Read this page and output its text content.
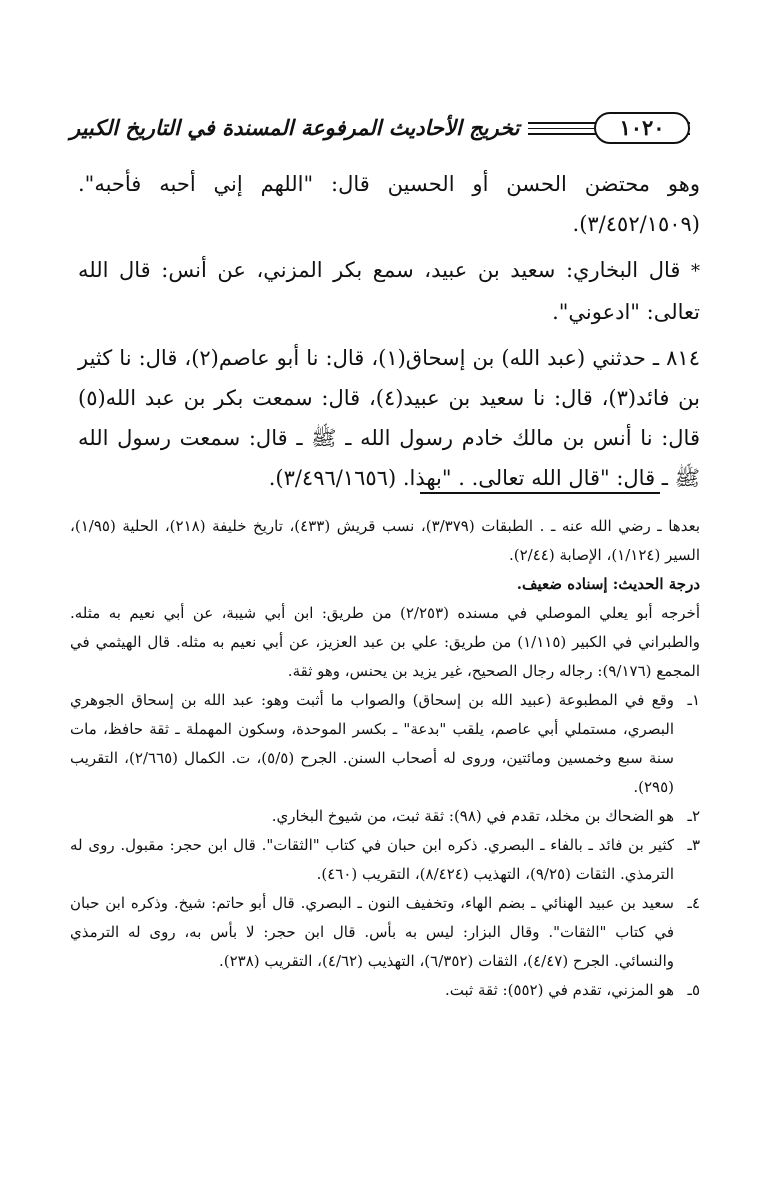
١٠٢٠
تخريج الأحاديث المرفوعة المسندة في التاريخ الكبير

وهو محتضن الحسن أو الحسين قال: "اللهم إني أحبه فأحبه". (٣/٤٥٢/١٥٠٩).

* قال البخاري: سعيد بن عبيد، سمع بكر المزني، عن أنس: قال الله تعالى: "ادعوني".

٨١٤ ـ حدثني (عبد الله) بن إسحاق(١)، قال: نا أبو عاصم(٢)، قال: نا كثير بن فائد(٣)، قال: نا سعيد بن عبيد(٤)، قال: سمعت بكر بن عبد الله(٥) قال: نا أنس بن مالك خادم رسول الله ـ ﷺ ـ قال: سمعت رسول الله ﷺ ـ قال: "قال الله تعالى. . "بهذا. (٣/٤٩٦/١٦٥٦).

بعدها ـ رضي الله عنه ـ . الطبقات (٣/٣٧٩)، نسب قريش (٤٣٣)، تاريخ خليفة (٢١٨)، الحلية (١/٩٥)، السير (١/١٢٤)، الإصابة (٢/٤٤).

درجة الحديث: إسناده ضعيف.

أخرجه أبو يعلي الموصلي في مسنده (٢/٢٥٣) من طريق: ابن أبي شيبة، عن أبي نعيم به مثله. والطبراني في الكبير (١/١١٥) من طريق: علي بن عبد العزيز، عن أبي نعيم به مثله. قال الهيثمي في المجمع (٩/١٧٦): رجاله رجال الصحيح، غير يزيد بن يحنس، وهو ثقة.

١ـ
وقع في المطبوعة (عبيد الله بن إسحاق) والصواب ما أثبت وهو: عبد الله بن إسحاق الجوهري البصري، مستملي أبي عاصم، يلقب "بدعة" ـ بكسر الموحدة، وسكون المهملة ـ ثقة حافظ، مات سنة سبع وخمسين ومائتين، وروى له أصحاب السنن. الجرح (٥/٥)، ت. الكمال (٢/٦٦٥)، التقريب (٢٩٥).
٢ـ
هو الضحاك بن مخلد، تقدم في (٩٨): ثقة ثبت، من شيوخ البخاري.
٣ـ
كثير بن فائد ـ بالفاء ـ البصري. ذكره ابن حبان في كتاب "الثقات". قال ابن حجر: مقبول. روى له الترمذي. الثقات (٩/٢٥)، التهذيب (٨/٤٢٤)، التقريب (٤٦٠).
٤ـ
سعيد بن عبيد الهنائي ـ بضم الهاء، وتخفيف النون ـ البصري. قال أبو حاتم: شيخ. وذكره ابن حبان في كتاب "الثقات". وقال البزار: ليس به بأس. قال ابن حجر: لا بأس به، روى له الترمذي والنسائي. الجرح (٤/٤٧)، الثقات (٦/٣٥٢)، التهذيب (٤/٦٢)، التقريب (٢٣٨).
٥ـ
هو المزني، تقدم في (٥٥٢): ثقة ثبت.
